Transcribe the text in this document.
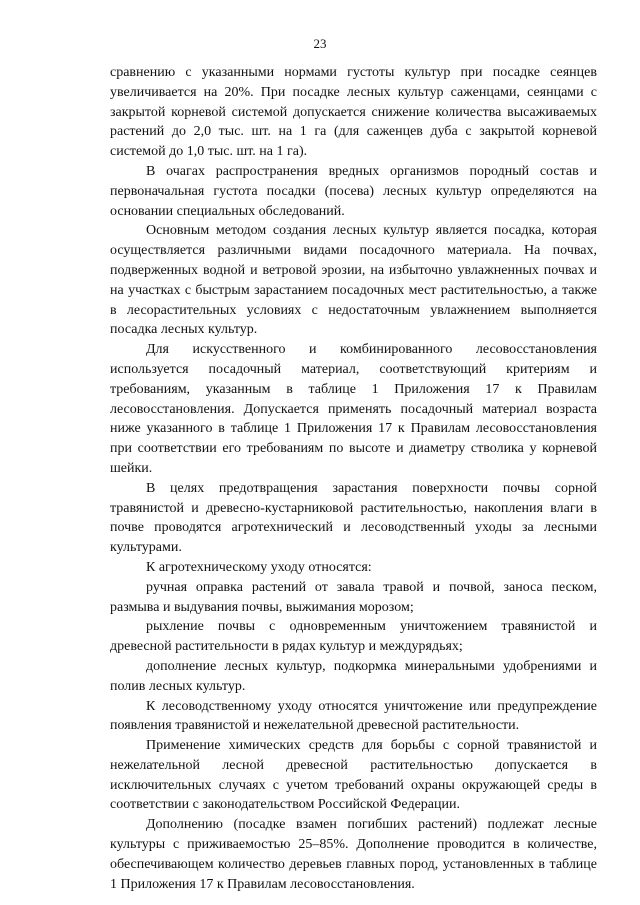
23

сравнению с указанными нормами густоты культур при посадке сеянцев увеличивается на 20%. При посадке лесных культур саженцами, сеянцами с закрытой корневой системой допускается снижение количества высаживаемых растений до 2,0 тыс. шт. на 1 га (для саженцев дуба с закрытой корневой системой до 1,0 тыс. шт. на 1 га).

В очагах распространения вредных организмов породный состав и первоначальная густота посадки (посева) лесных культур определяются на основании специальных обследований.

Основным методом создания лесных культур является посадка, которая осуществляется различными видами посадочного материала. На почвах, подверженных водной и ветровой эрозии, на избыточно увлажненных почвах и на участках с быстрым зарастанием посадочных мест растительностью, а также в лесорастительных условиях с недостаточным увлажнением выполняется посадка лесных культур.

Для искусственного и комбинированного лесовосстановления используется посадочный материал, соответствующий критериям и требованиям, указанным в таблице 1 Приложения 17 к Правилам лесовосстановления. Допускается применять посадочный материал возраста ниже указанного в таблице 1 Приложения 17 к Правилам лесовосстановления при соответствии его требованиям по высоте и диаметру стволика у корневой шейки.

В целях предотвращения зарастания поверхности почвы сорной травянистой и древесно-кустарниковой растительностью, накопления влаги в почве проводятся агротехнический и лесоводственный уходы за лесными культурами.

К агротехническому уходу относятся:

ручная оправка растений от завала травой и почвой, заноса песком, размыва и выдувания почвы, выжимания морозом;

рыхление почвы с одновременным уничтожением травянистой и древесной растительности в рядах культур и междурядьях;

дополнение лесных культур, подкормка минеральными удобрениями и полив лесных культур.

К лесоводственному уходу относятся уничтожение или предупреждение появления травянистой и нежелательной древесной растительности.

Применение химических средств для борьбы с сорной травянистой и нежелательной лесной древесной растительностью допускается в исключительных случаях с учетом требований охраны окружающей среды в соответствии с законодательством Российской Федерации.

Дополнению (посадке взамен погибших растений) подлежат лесные культуры с приживаемостью 25–85%. Дополнение проводится в количестве, обеспечивающем количество деревьев главных пород, установленных в таблице 1 Приложения 17 к Правилам лесовосстановления.
